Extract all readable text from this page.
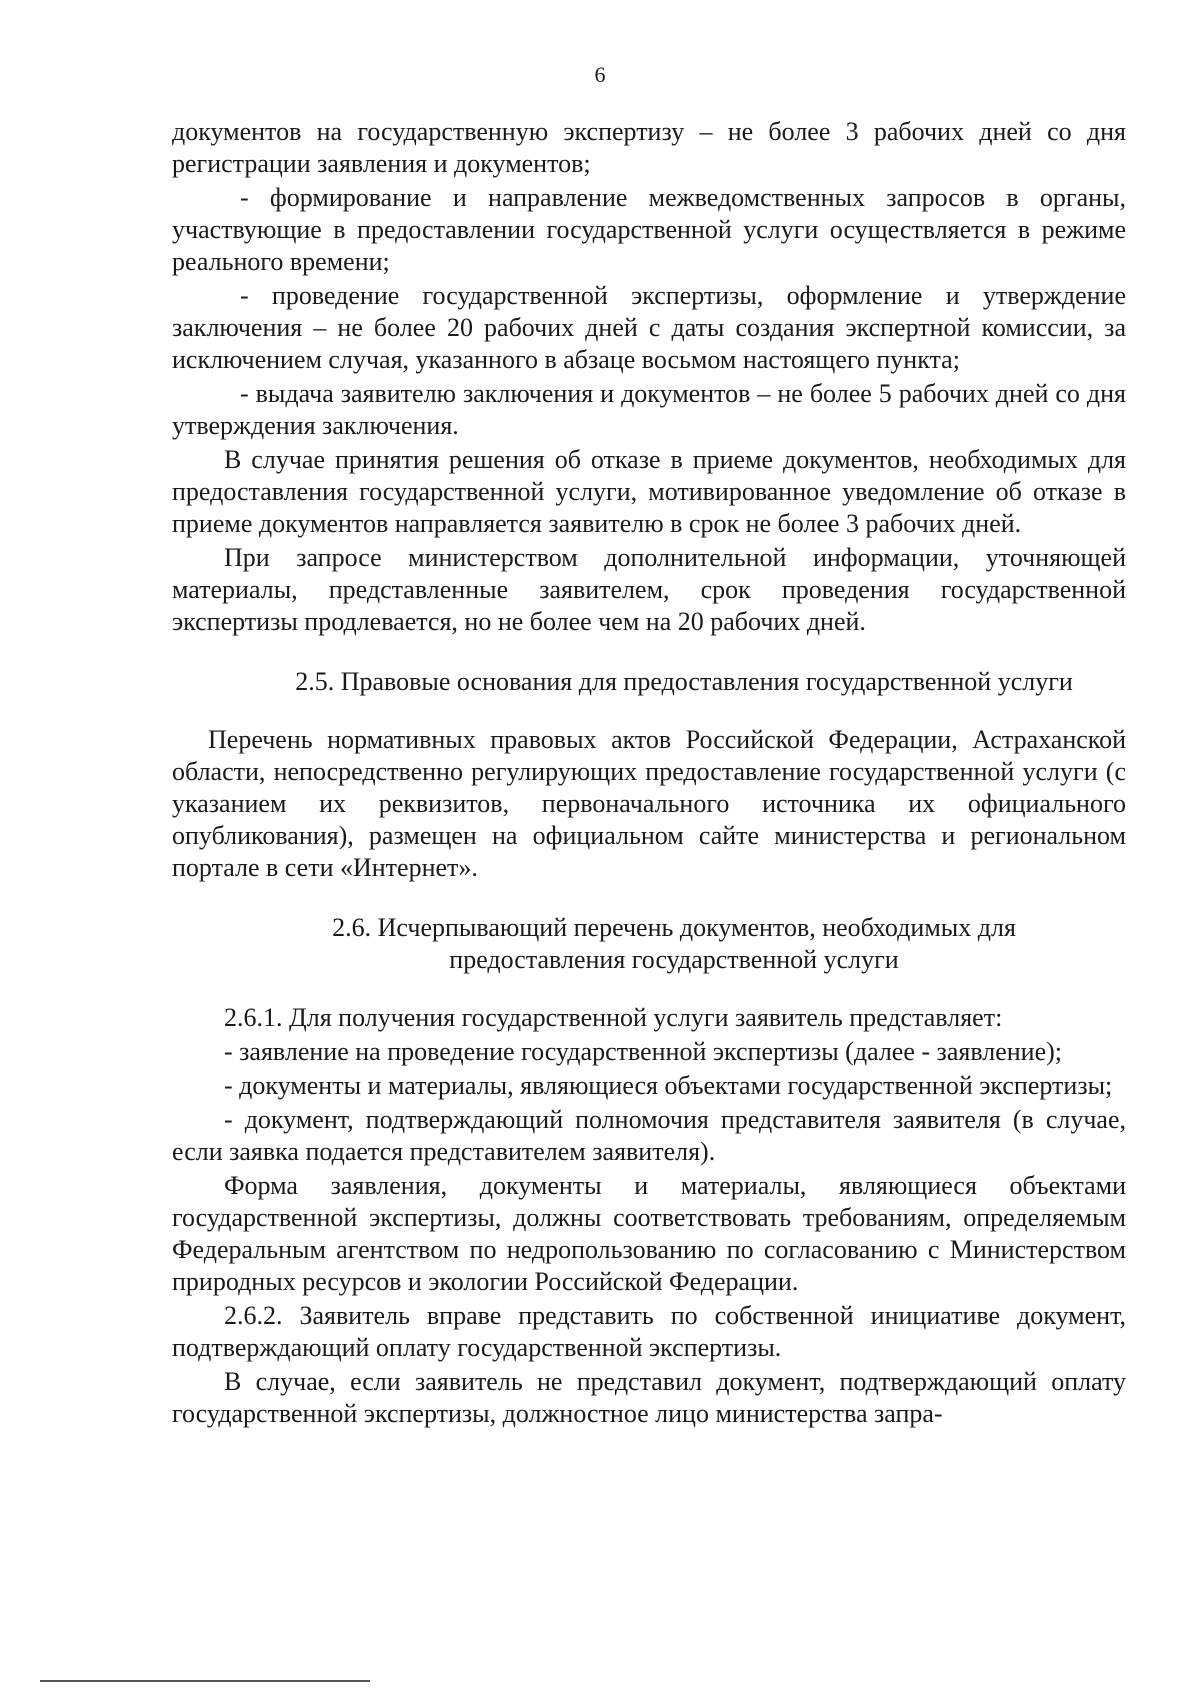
6

документов на государственную экспертизу – не более 3 рабочих дней со дня регистрации заявления и документов;

- формирование и направление межведомственных запросов в органы, участвующие в предоставлении государственной услуги осуществляется в режиме реального времени;

- проведение государственной экспертизы, оформление и утверждение заключения – не более 20 рабочих дней с даты создания экспертной комиссии, за исключением случая, указанного в абзаце восьмом настоящего пункта;

- выдача заявителю заключения и документов – не более 5 рабочих дней со дня утверждения заключения.

В случае принятия решения об отказе в приеме документов, необходимых для предоставления государственной услуги, мотивированное уведомление об отказе в приеме документов направляется заявителю в срок не более 3 рабочих дней.

При запросе министерством дополнительной информации, уточняющей материалы, представленные заявителем, срок проведения государственной экспертизы продлевается, но не более чем на 20 рабочих дней.

2.5. Правовые основания для предоставления государственной услуги

Перечень нормативных правовых актов Российской Федерации, Астраханской области, непосредственно регулирующих предоставление государственной услуги (с указанием их реквизитов, первоначального источника их официального опубликования), размещен на официальном сайте министерства и региональном портале в сети «Интернет».

2.6. Исчерпывающий перечень документов, необходимых для
предоставления государственной услуги

2.6.1. Для получения государственной услуги заявитель представляет:

- заявление на проведение государственной экспертизы (далее - заявление);

- документы и материалы, являющиеся объектами государственной экспертизы;

- документ, подтверждающий полномочия представителя заявителя (в случае, если заявка подается представителем заявителя).

Форма заявления, документы и материалы, являющиеся объектами государственной экспертизы, должны соответствовать требованиям, определяемым Федеральным агентством по недропользованию по согласованию с Министерством природных ресурсов и экологии Российской Федерации.

2.6.2. Заявитель вправе представить по собственной инициативе документ, подтверждающий оплату государственной экспертизы.

В случае, если заявитель не представил документ, подтверждающий оплату государственной экспертизы, должностное лицо министерства запра-
